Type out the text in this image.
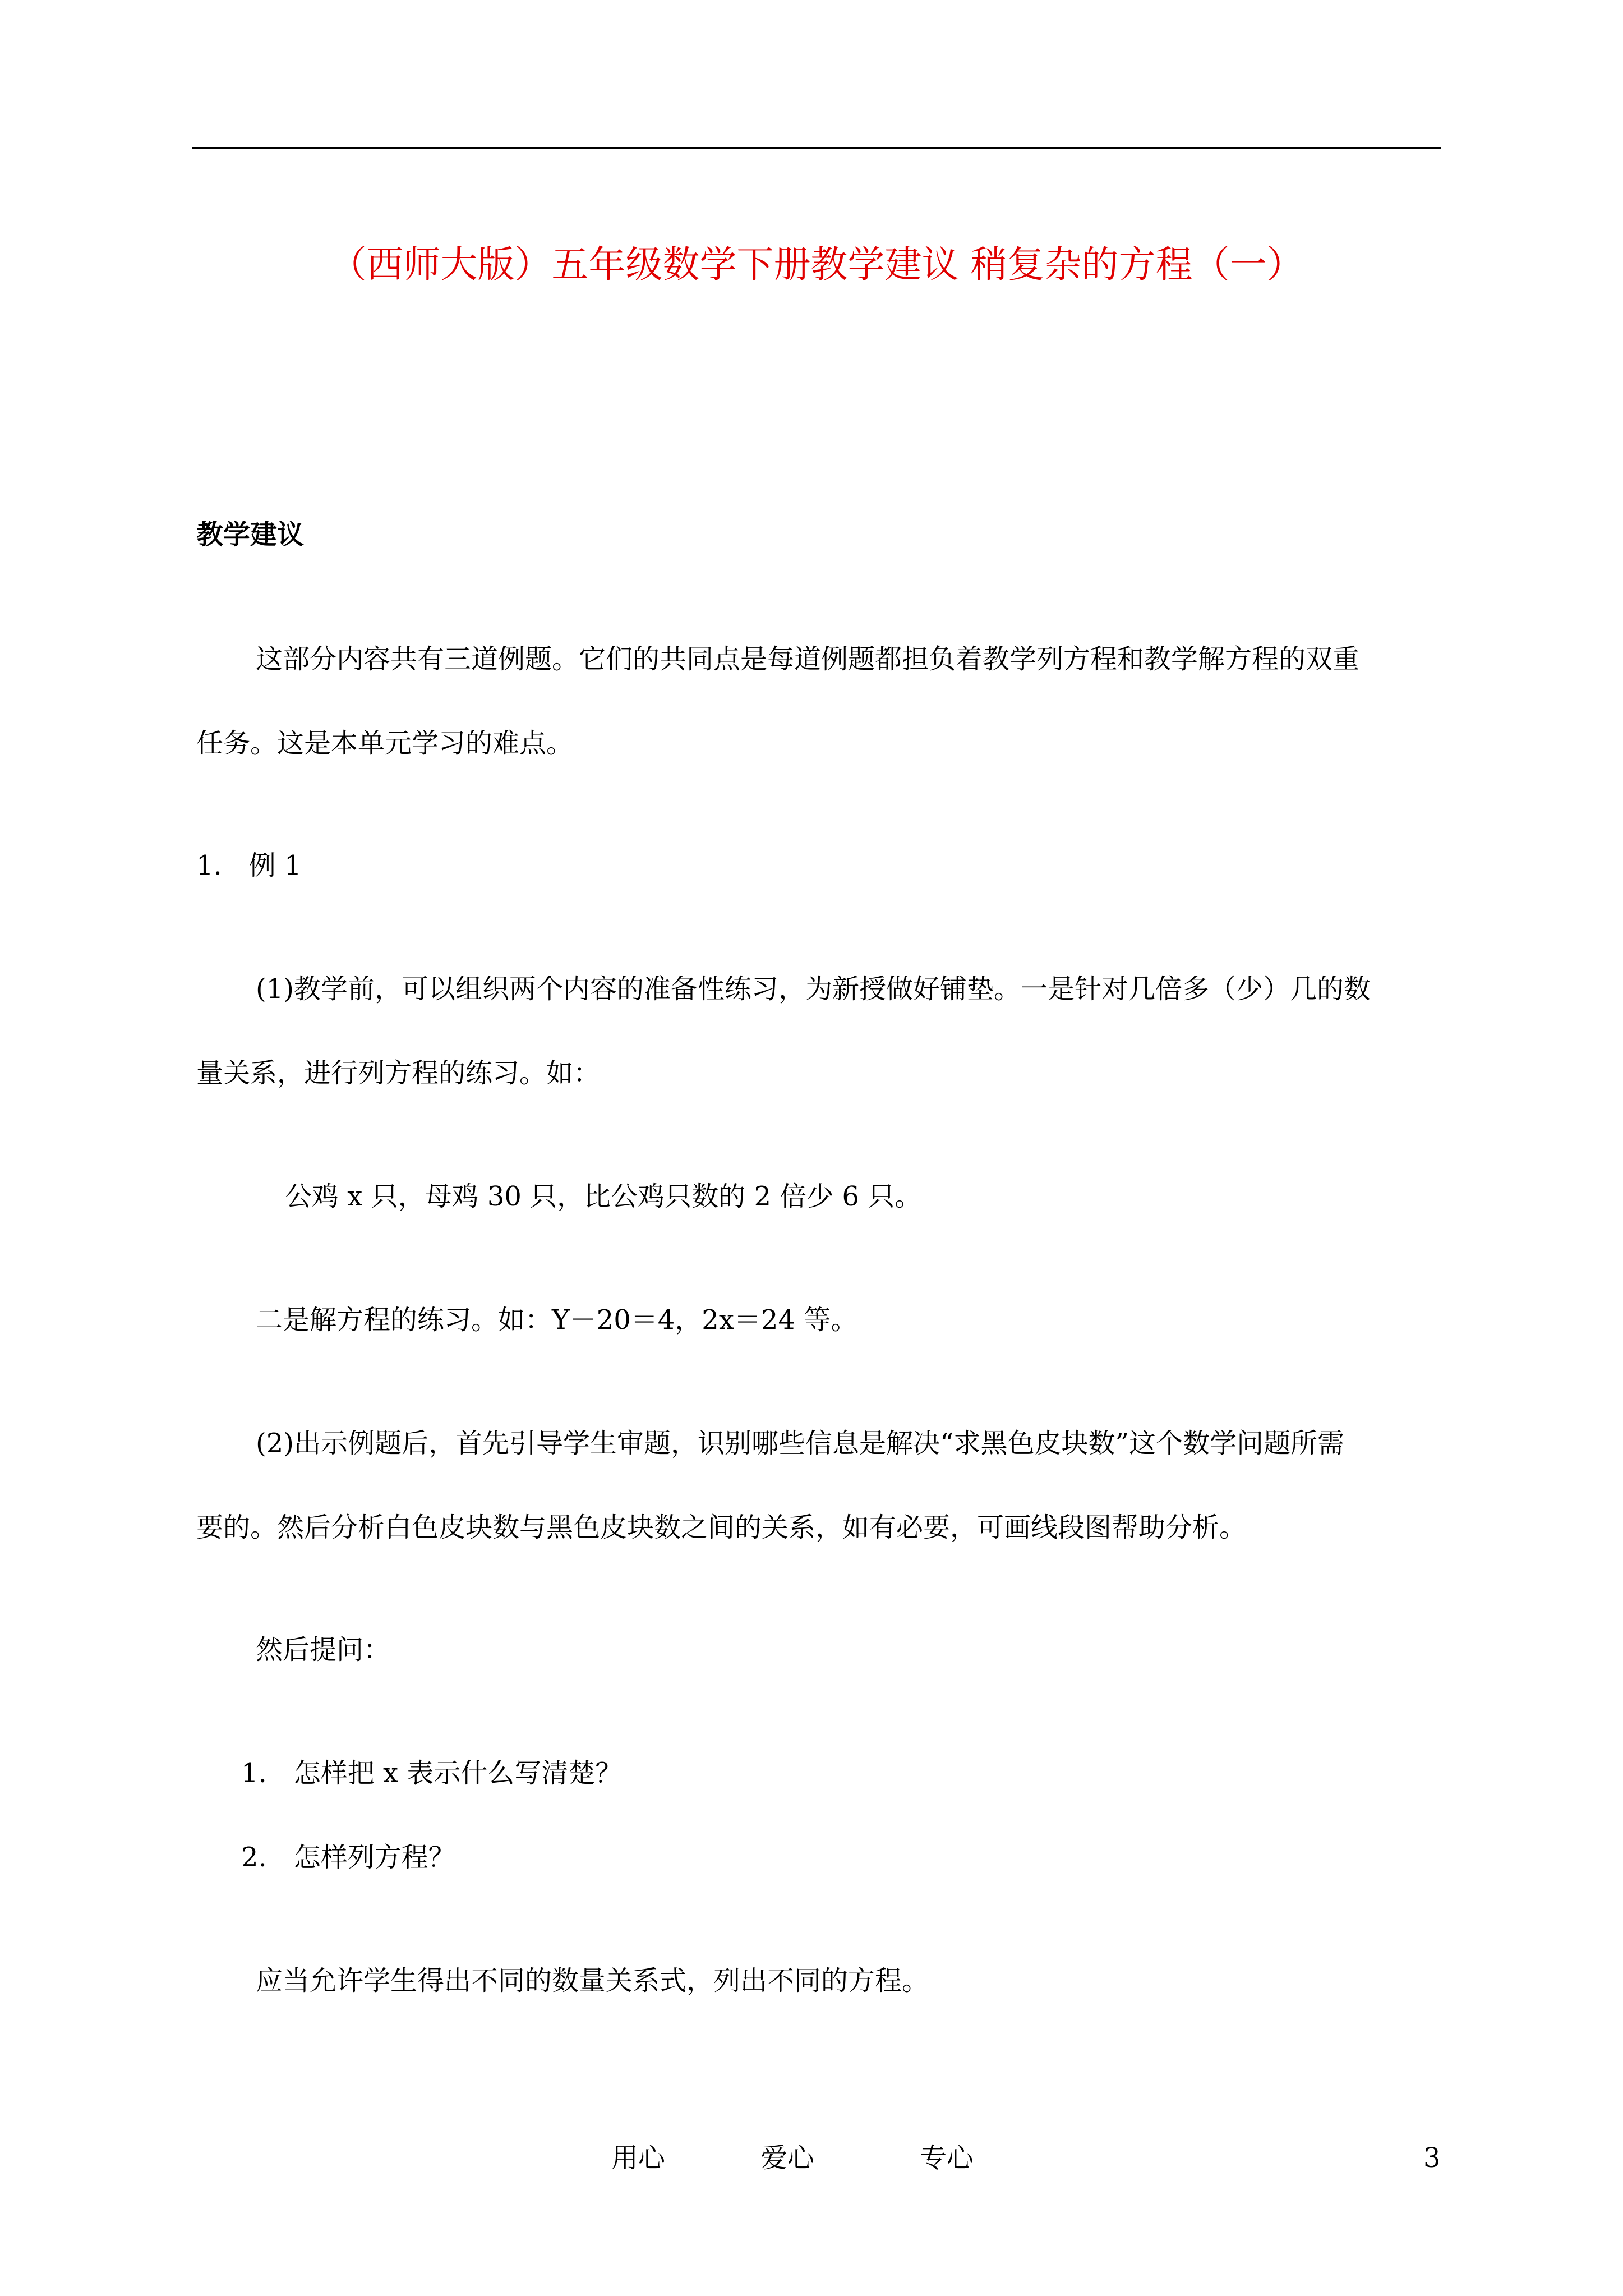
（西师大版）五年级数学下册教学建议 稍复杂的方程（一）
教学建议
这部分内容共有三道例题。它们的共同点是每道例题都担负着教学列方程和教学解方程的双重
任务。这是本单元学习的难点。
1.　例 1
(1)教学前，可以组织两个内容的准备性练习，为新授做好铺垫。一是针对几倍多（少）几的数
量关系，进行列方程的练习。如：
公鸡 x 只，母鸡 30 只，比公鸡只数的 2 倍少 6 只。
二是解方程的练习。如：Y－20＝4，2x＝24 等。
(2)出示例题后，首先引导学生审题，识别哪些信息是解决“求黑色皮块数”这个数学问题所需
要的。然后分析白色皮块数与黑色皮块数之间的关系，如有必要，可画线段图帮助分析。
然后提问：
1.　怎样把 x 表示什么写清楚？
2.　怎样列方程？
应当允许学生得出不同的数量关系式，列出不同的方程。
用心	爱心	专心	3
